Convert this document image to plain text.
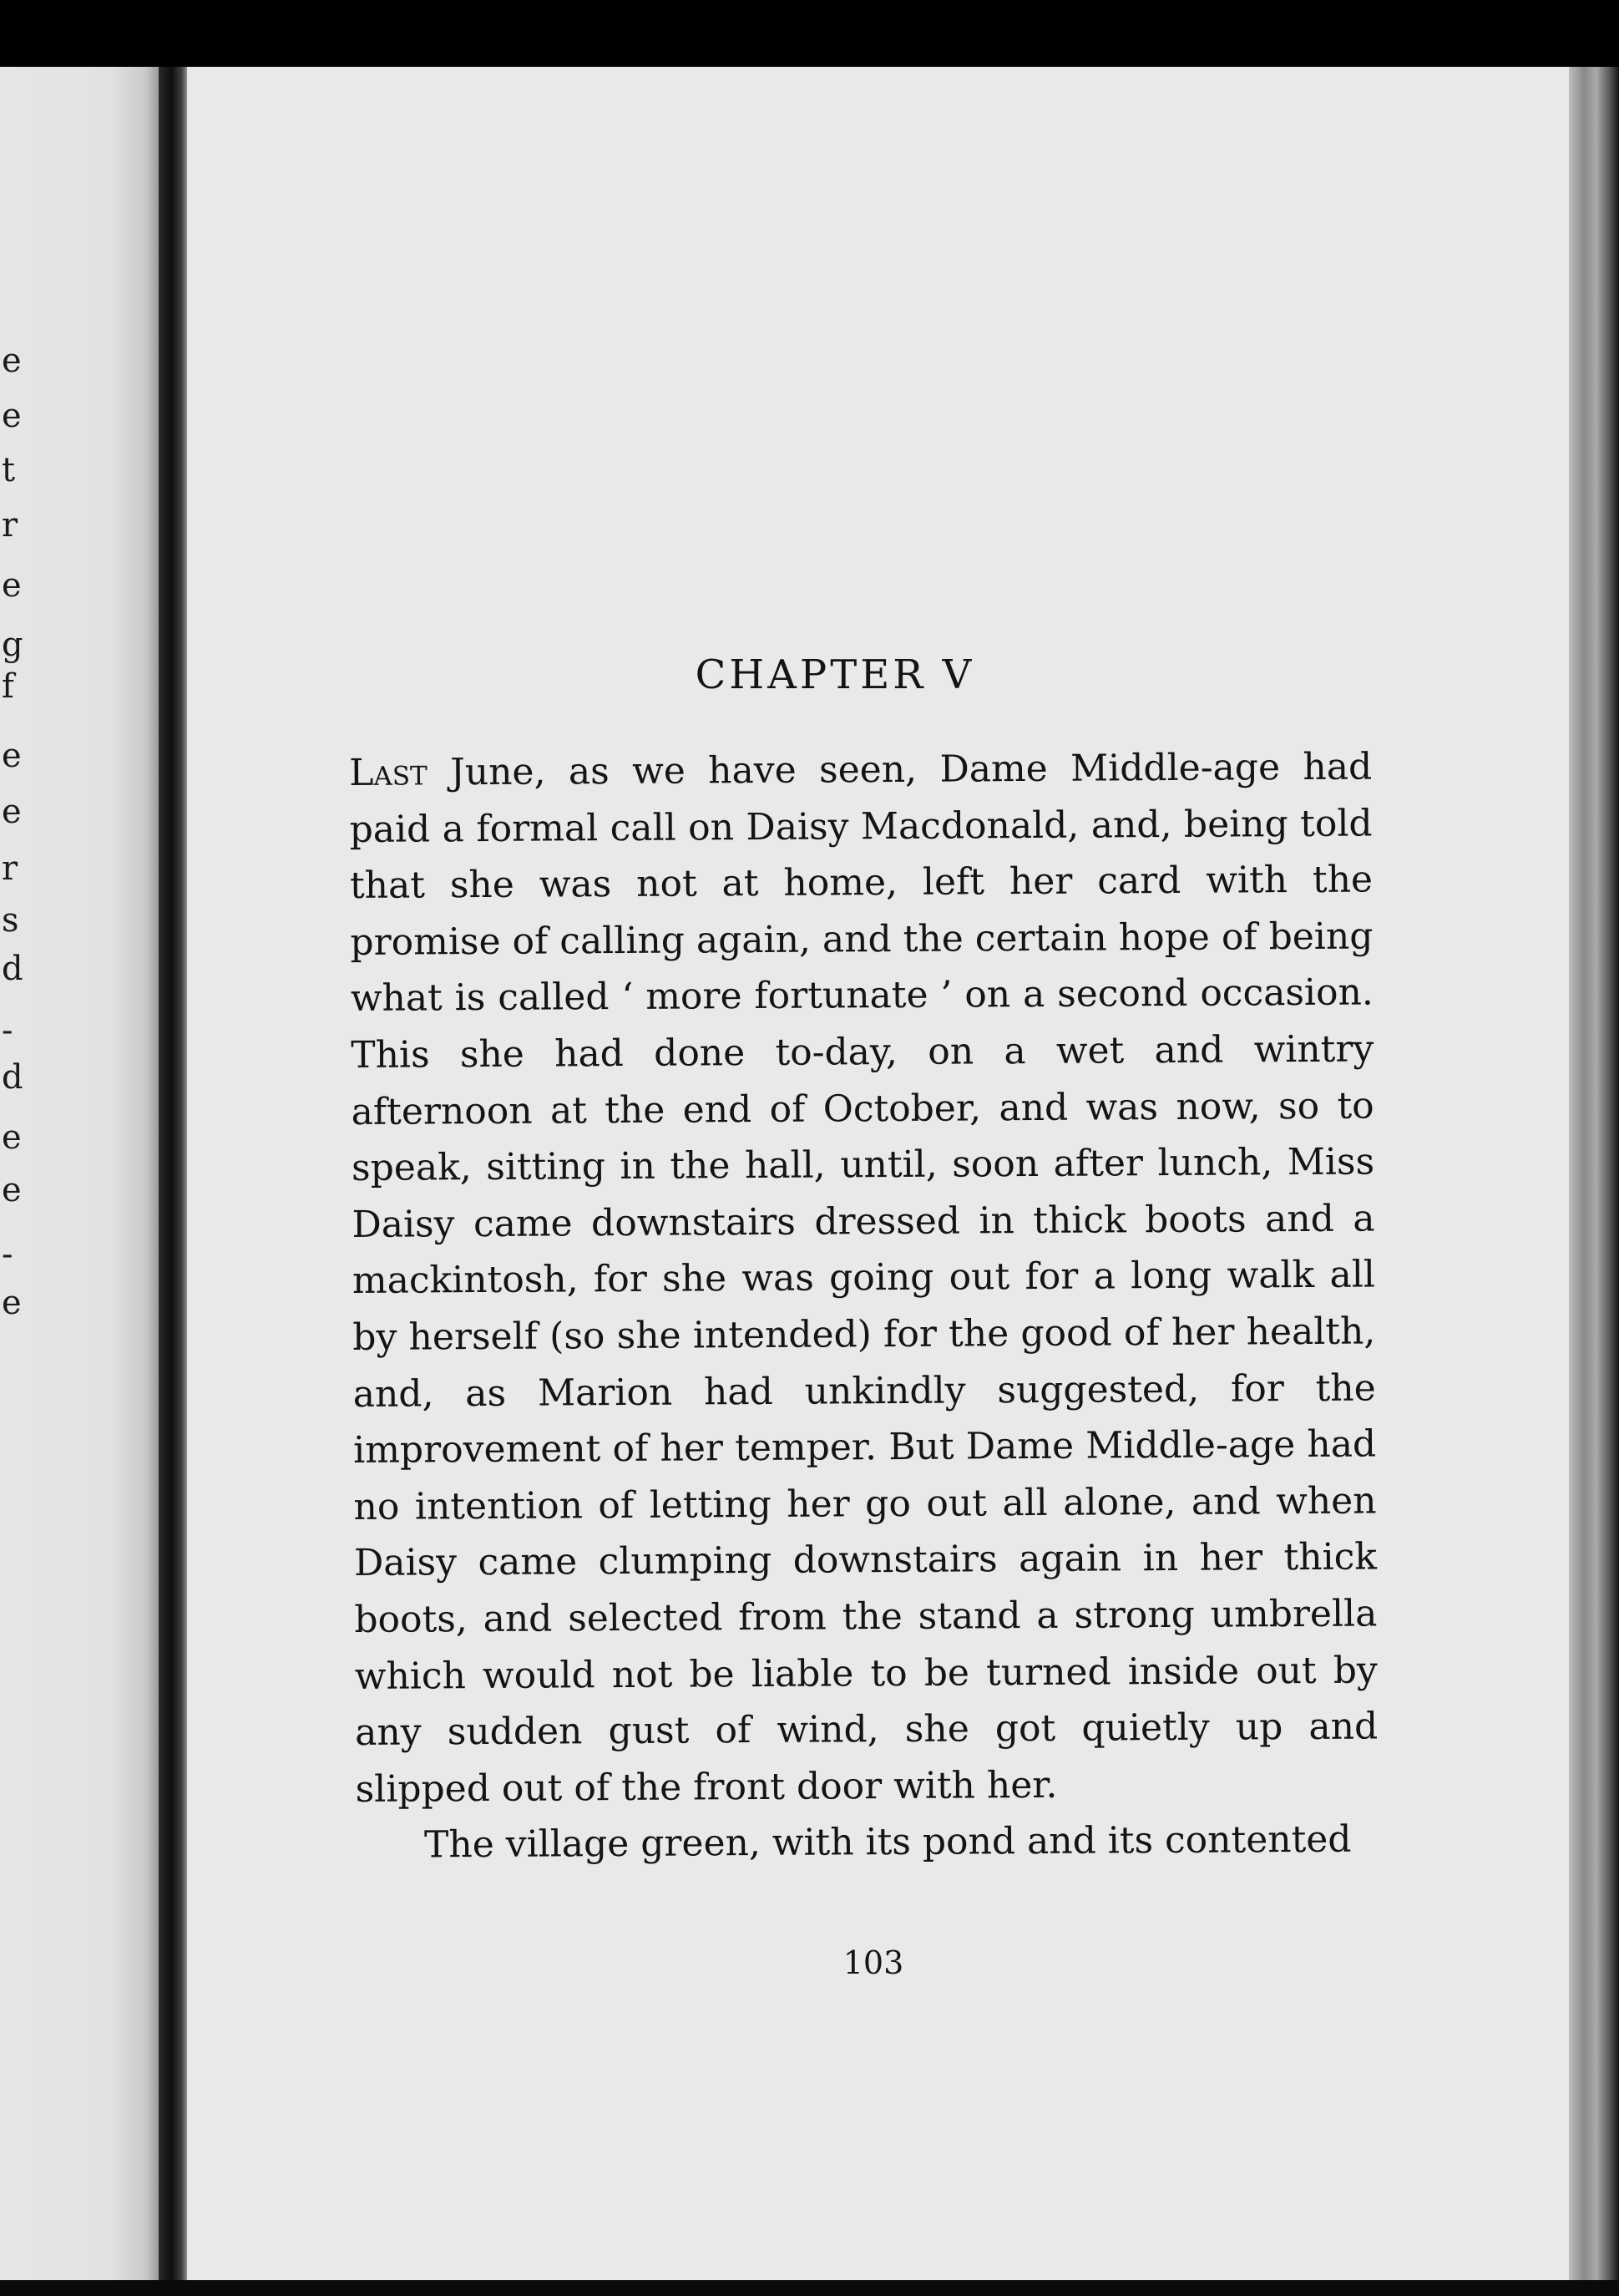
e
e
t
r
e
g
f
e
e
r
s
d
-
d
e
e
-
e
CHAPTER V

Last June, as we have seen, Dame Middle-age had paid a formal call on Daisy Macdonald, and, being told that she was not at home, left her card with the promise of calling again, and the certain hope of being what is called ‘ more fortunate ’ on a second occasion. This she had done to-day, on a wet and wintry afternoon at the end of October, and was now, so to speak, sitting in the hall, until, soon after lunch, Miss Daisy came downstairs dressed in thick boots and a mackintosh, for she was going out for a long walk all by herself (so she intended) for the good of her health, and, as Marion had unkindly suggested, for the improvement of her temper. But Dame Middle-age had no intention of letting her go out all alone, and when Daisy came clumping downstairs again in her thick boots, and selected from the stand a strong umbrella which would not be liable to be turned inside out by any sudden gust of wind, she got quietly up and slipped out of the front door with her.

The village green, with its pond and its contented

103
